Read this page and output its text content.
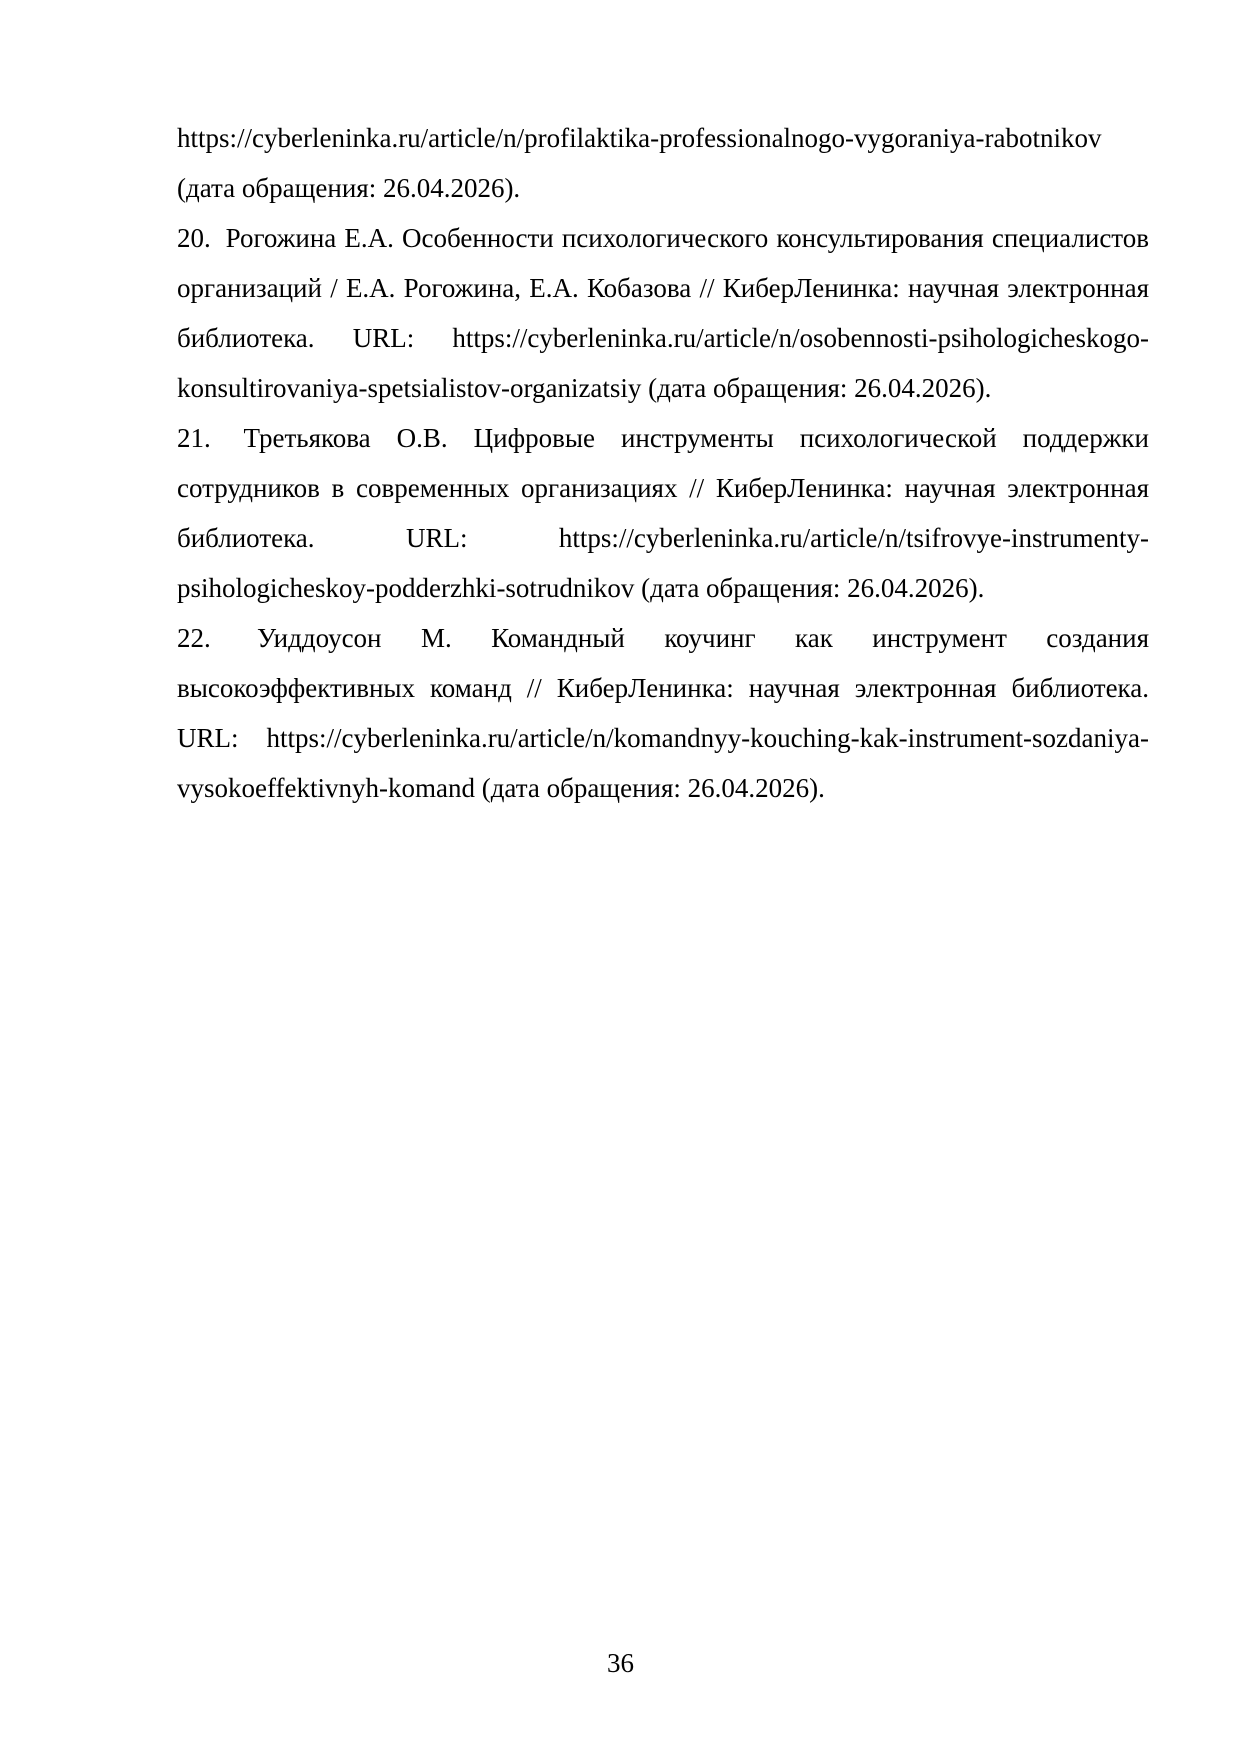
https://cyberleninka.ru/article/n/profilaktika-professionalnogo-vygoraniya-rabotnikov (дата обращения: 26.04.2026).

20. Рогожина Е.А. Особенности психологического консультирования специалистов организаций / Е.А. Рогожина, Е.А. Кобазова // КиберЛенинка: научная электронная библиотека. URL: https://cyberleninka.ru/article/n/osobennosti-psihologicheskogo-konsultirovaniya-spetsialistov-organizatsiy (дата обращения: 26.04.2026).

21. Третьякова О.В. Цифровые инструменты психологической поддержки сотрудников в современных организациях // КиберЛенинка: научная электронная библиотека. URL: https://cyberleninka.ru/article/n/tsifrovye-instrumenty-psihologicheskoy-podderzhki-sotrudnikov (дата обращения: 26.04.2026).

22. Уиддоусон М. Командный коучинг как инструмент создания высокоэффективных команд // КиберЛенинка: научная электронная библиотека. URL: https://cyberleninka.ru/article/n/komandnyy-kouching-kak-instrument-sozdaniya-vysokoeffektivnyh-komand (дата обращения: 26.04.2026).

36
